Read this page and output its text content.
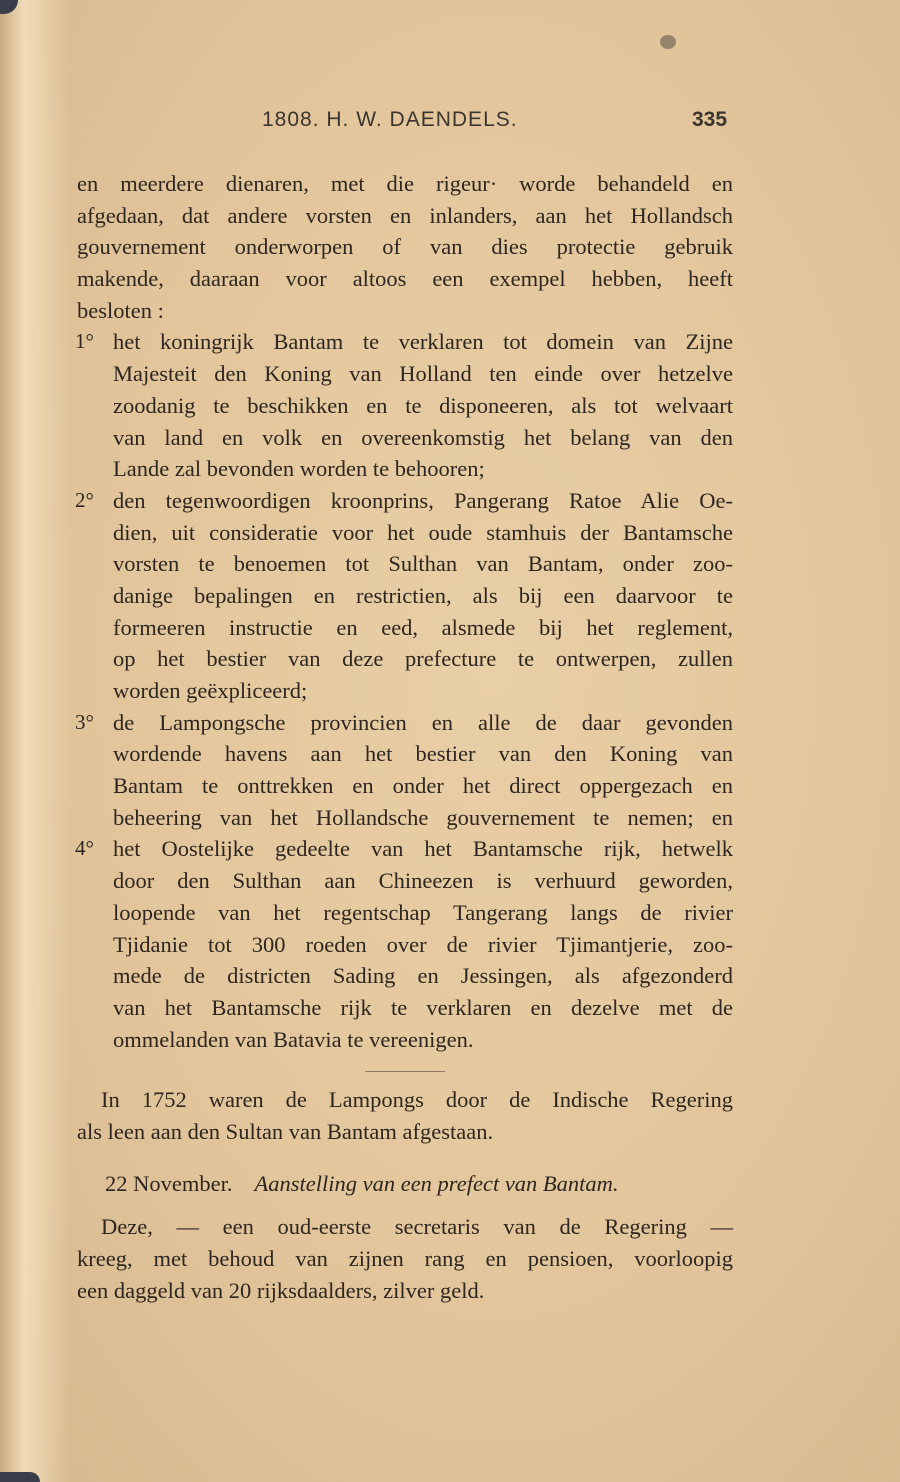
1808. H. W. DAENDELS.	335
en meerdere dienaren, met die rigeur· worde behandeld en
afgedaan, dat andere vorsten en inlanders, aan het Hollandsch
gouvernement onderworpen of van dies protectie gebruik
makende, daaraan voor altoos een exempel hebben, heeft
besloten :
1° het koningrijk Bantam te verklaren tot domein van Zijne
Majesteit den Koning van Holland ten einde over hetzelve
zoodanig te beschikken en te disponeeren, als tot welvaart
van land en volk en overeenkomstig het belang van den
Lande zal bevonden worden te behooren;
2° den tegenwoordigen kroonprins, Pangerang Ratoe Alie Oe-
dien, uit consideratie voor het oude stamhuis der Bantamsche
vorsten te benoemen tot Sulthan van Bantam, onder zoo-
danige bepalingen en restrictien, als bij een daarvoor te
formeeren instructie en eed, alsmede bij het reglement,
op het bestier van deze prefecture te ontwerpen, zullen
worden geëxpliceerd;
3° de Lampongsche provincien en alle de daar gevonden
wordende havens aan het bestier van den Koning van
Bantam te onttrekken en onder het direct oppergezach en
beheering van het Hollandsche gouvernement te nemen; en
4° het Oostelijke gedeelte van het Bantamsche rijk, hetwelk
door den Sulthan aan Chineezen is verhuurd geworden,
loopende van het regentschap Tangerang langs de rivier
Tjidanie tot 300 roeden over de rivier Tjimantjerie, zoo-
mede de districten Sading en Jessingen, als afgezonderd
van het Bantamsche rijk te verklaren en dezelve met de
ommelanden van Batavia te vereenigen.
In 1752 waren de Lampongs door de Indische Regering
als leen aan den Sultan van Bantam afgestaan.
22 November. Aanstelling van een prefect van Bantam.
Deze, — een oud-eerste secretaris van de Regering —
kreeg, met behoud van zijnen rang en pensioen, voorloopig
een daggeld van 20 rijksdaalders, zilver geld.
